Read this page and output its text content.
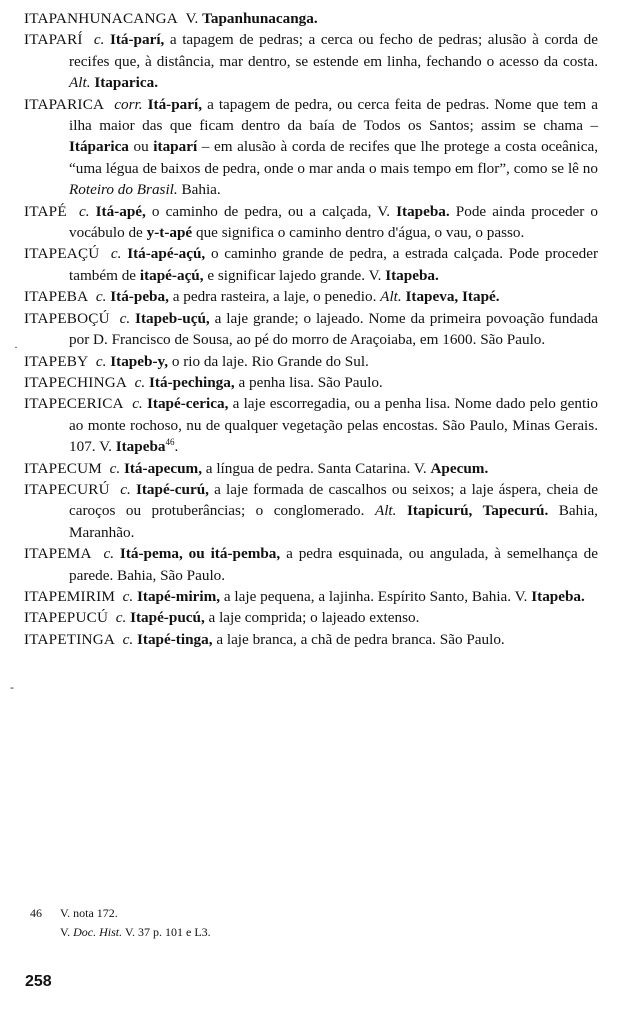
ITAPANHUNACANGA V. Tapanhunacanga.

ITAPARÍ c. Itá-parí, a tapagem de pedras; a cerca ou fecho de pedras; alusão à corda de recifes que, à distância, mar dentro, se estende em linha, fechando o acesso da costa. Alt. Itaparica.

ITAPARICA corr. Itá-parí, a tapagem de pedra, ou cerca feita de pedras. Nome que tem a ilha maior das que ficam dentro da baía de Todos os Santos; assim se chama – Itáparica ou itaparí – em alusão à corda de recifes que lhe protege a costa oceânica, “uma légua de baixos de pedra, onde o mar anda o mais tempo em flor”, como se lê no Roteiro do Brasil. Bahia.

ITAPÉ c. Itá-apé, o caminho de pedra, ou a calçada, V. Itapeba. Pode ainda proceder o vocábulo de y-t-apé que significa o caminho dentro d'água, o vau, o passo.

ITAPEAÇÚ c. Itá-apé-açú, o caminho grande de pedra, a estrada calçada. Pode proceder também de itapé-açú, e significar lajedo grande. V. Itapeba.

ITAPEBA c. Itá-peba, a pedra rasteira, a laje, o penedio. Alt. Itapeva, Itapé.

ITAPEBOÇÚ c. Itapeb-uçú, a laje grande; o lajeado. Nome da primeira povoação fundada por D. Francisco de Sousa, ao pé do morro de Araçoiaba, em 1600. São Paulo.

ITAPEBY c. Itapeb-y, o rio da laje. Rio Grande do Sul.

ITAPECHINGA c. Itá-pechinga, a penha lisa. São Paulo.

ITAPECERICA c. Itapé-cerica, a laje escorregadia, ou a penha lisa. Nome dado pelo gentio ao monte rochoso, nu de qualquer vegetação pelas encostas. São Paulo, Minas Gerais. 107. V. Itapeba$^{46}$.

ITAPECUM c. Itá-apecum, a língua de pedra. Santa Catarina. V. Apecum.

ITAPECURÚ c. Itapé-curú, a laje formada de cascalhos ou seixos; a laje áspera, cheia de caroços ou protuberâncias; o conglomerado. Alt. Itapicurú, Tapecurú. Bahia, Maranhão.

ITAPEMA c. Itá-pema, ou itá-pemba, a pedra esquinada, ou angulada, à semelhança de parede. Bahia, São Paulo.

ITAPEMIRIM c. Itapé-mirim, a laje pequena, a lajinha. Espírito Santo, Bahia. V. Itapeba.

ITAPEPUCÚ c. Itapé-pucú, a laje comprida; o lajeado extenso.

ITAPETINGA c. Itapé-tinga, a laje branca, a chã de pedra branca. São Paulo.

·
-
46 V. nota 172.
V. Doc. Hist. V. 37 p. 101 e L3.
258
